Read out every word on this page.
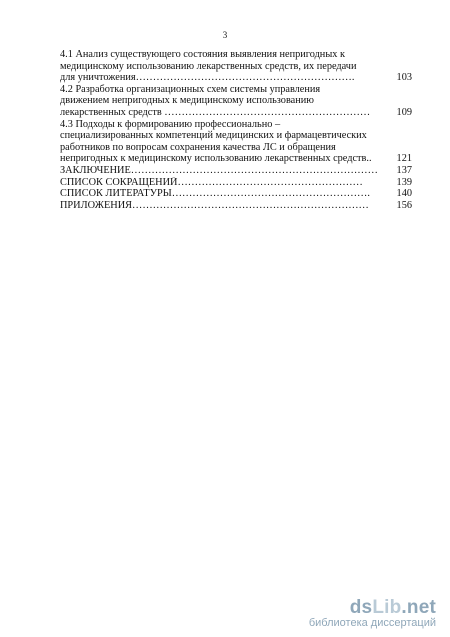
3
4.1 Анализ существующего состояния выявления непригодных к
медицинскому использованию лекарственных средств, их передачи
для уничтожения……………………………………………………….	103
4.2 Разработка организационных схем системы управления
движением непригодных к медицинскому использованию
лекарственных средств ……………………………………………………	109
4.3 Подходы к формированию профессионально –
специализированных компетенций медицинских и фармацевтических
работников по вопросам сохранения качества ЛС и обращения
непригодных к медицинскому использованию лекарственных средств..	121
ЗАКЛЮЧЕНИЕ………………………………………………………………	137
СПИСОК СОКРАЩЕНИЙ………………………………………………	139
СПИСОК ЛИТЕРАТУРЫ………………………………………………….	140
ПРИЛОЖЕНИЯ……………………………………………………………	156
dsLib.net
библиотека диссертаций
